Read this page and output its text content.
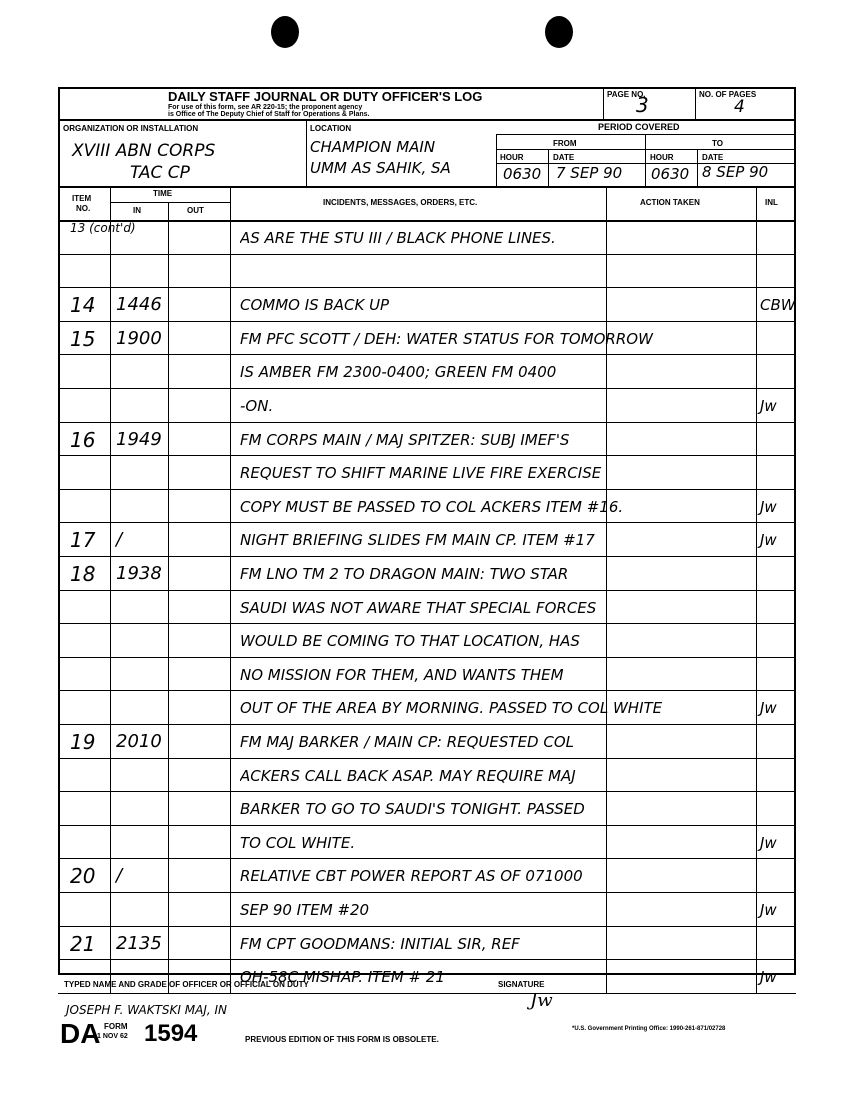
DAILY STAFF JOURNAL OR DUTY OFFICER'S LOG
For use of this form, see AR 220-15; the proponent agency
is Office of The Deputy Chief of Staff for Operations & Plans.
PAGE NO.
3	NO. OF PAGES
4
ORGANIZATION OR INSTALLATION	LOCATION	PERIOD COVERED
FROM	TO
HOUR	DATE	HOUR	DATE
XVIII ABN CORPS
TAC CP
CHAMPION MAIN
UMM AS SAHIK, SA	0630 7 SEP 90 0630 8 SEP 90
ITEM
NO.
TIME
IN	OUT
INCIDENTS, MESSAGES, ORDERS, ETC.	ACTION TAKEN	INL
13 (cont'd)
AS ARE THE STU III / BLACK PHONE LINES.
14 1446	COMMO IS BACK UP	CBW
15 1900	FM PFC SCOTT / DEH: WATER STATUS FOR TOMORROW
IS AMBER FM 2300-0400; GREEN FM 0400
-ON.	Jw
16 1949	FM CORPS MAIN / MAJ SPITZER: SUBJ IMEF'S
REQUEST TO SHIFT MARINE LIVE FIRE EXERCISE
COPY MUST BE PASSED TO COL ACKERS ITEM #16.	Jw
17 /	NIGHT BRIEFING SLIDES FM MAIN CP. ITEM #17	Jw
18 1938	FM LNO TM 2 TO DRAGON MAIN: TWO STAR
SAUDI WAS NOT AWARE THAT SPECIAL FORCES
WOULD BE COMING TO THAT LOCATION, HAS
NO MISSION FOR THEM, AND WANTS THEM
OUT OF THE AREA BY MORNING. PASSED TO COL WHITE	Jw
19 2010	FM MAJ BARKER / MAIN CP: REQUESTED COL
ACKERS CALL BACK ASAP. MAY REQUIRE MAJ
BARKER TO GO TO SAUDI'S TONIGHT. PASSED
TO COL WHITE.	Jw
20 /	RELATIVE CBT POWER REPORT AS OF 071000
SEP 90 ITEM #20	Jw
21 2135	FM CPT GOODMANS: INITIAL SIR, REF
OH-58C MISHAP. ITEM # 21	Jw
TYPED NAME AND GRADE OF OFFICER OR OFFICIAL ON DUTY
JOSEPH F. WAKTSKI MAJ, IN
SIGNATURE
Jw
DA FORM
1 NOV 62 1594	PREVIOUS EDITION OF THIS FORM IS OBSOLETE.
*U.S. Government Printing Office: 1990-261-871/02728
